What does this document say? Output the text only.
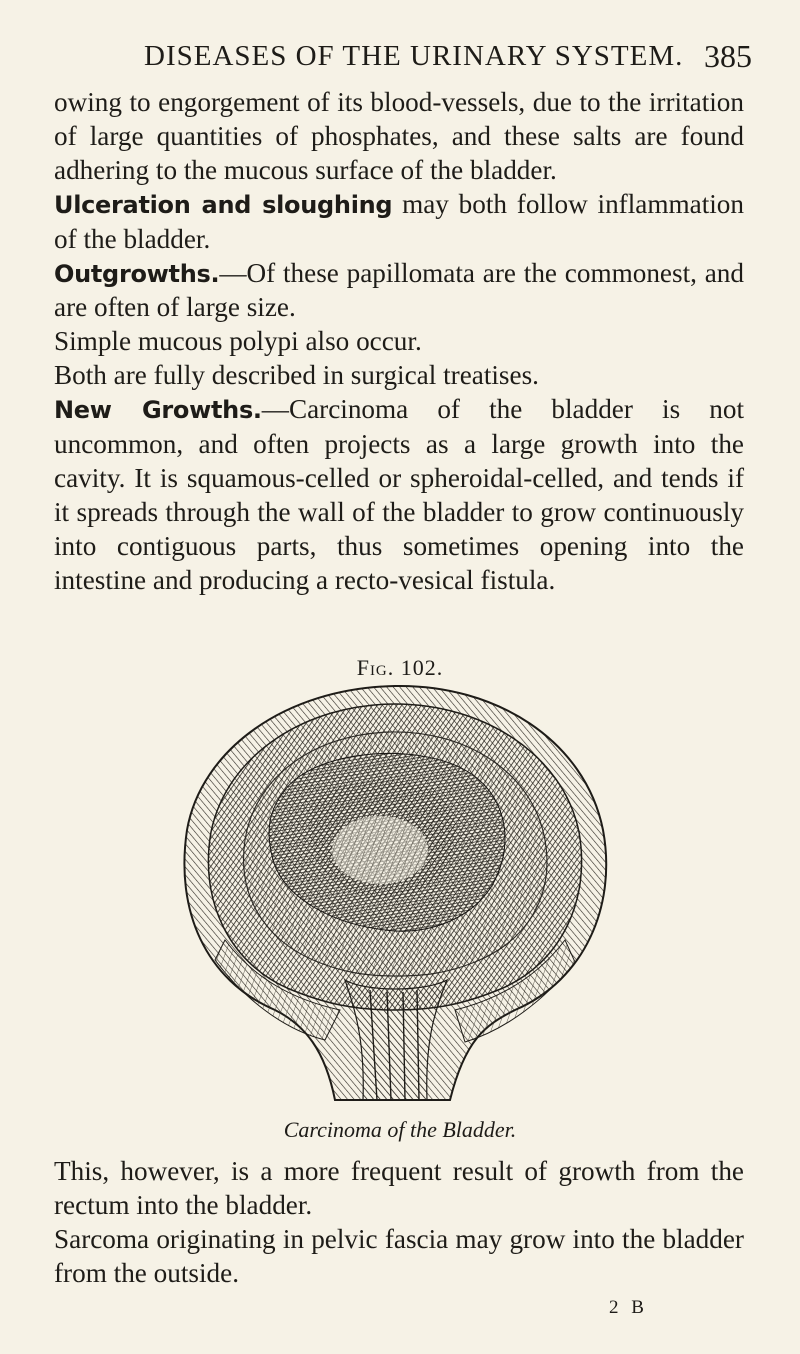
DISEASES OF THE URINARY SYSTEM. 385

owing to engorgement of its blood-vessels, due to the irritation of large quantities of phosphates, and these salts are found adhering to the mucous surface of the bladder.

Ulceration and sloughing may both follow inflammation of the bladder.

Outgrowths.—Of these papillomata are the commonest, and are often of large size.

Simple mucous polypi also occur.

Both are fully described in surgical treatises.

New Growths.—Carcinoma of the bladder is not uncommon, and often projects as a large growth into the cavity. It is squamous-celled or spheroidal-celled, and tends if it spreads through the wall of the bladder to grow continuously into contiguous parts, thus sometimes opening into the intestine and producing a recto-vesical fistula.

Fig. 102.
Carcinoma of the Bladder.

This, however, is a more frequent result of growth from the rectum into the bladder.

Sarcoma originating in pelvic fascia may grow into the bladder from the outside.

2 B
